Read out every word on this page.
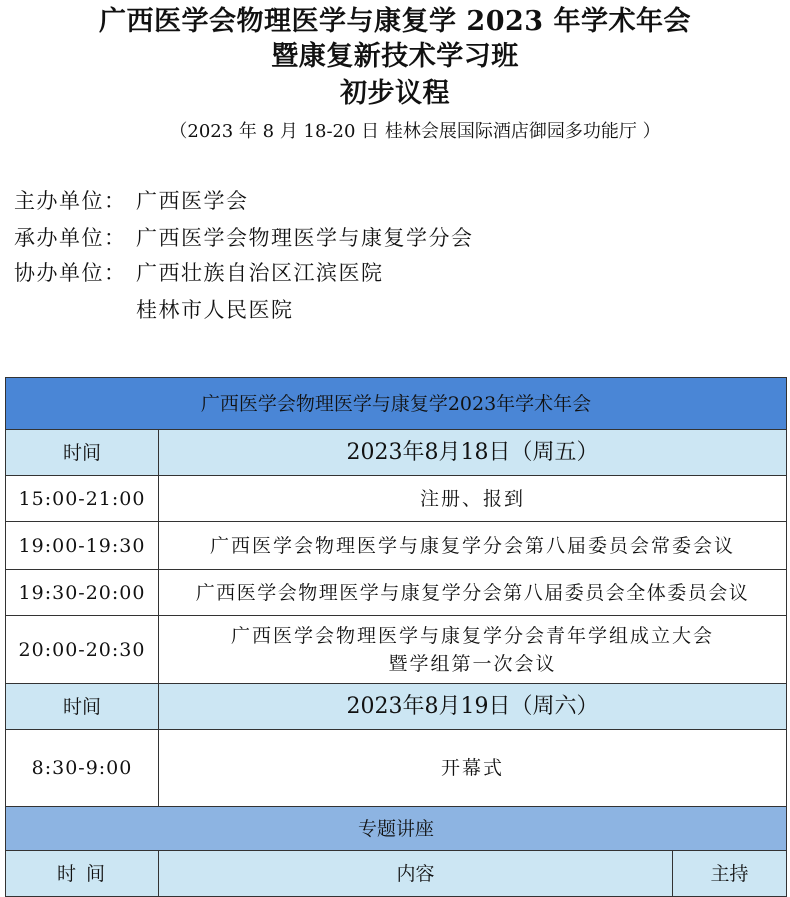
广西医学会物理医学与康复学 2023 年学术年会
暨康复新技术学习班
初步议程
（2023 年 8 月 18-20 日 桂林会展国际酒店御园多功能厅 ）
主办单位： 广西医学会
承办单位： 广西医学会物理医学与康复学分会
协办单位： 广西壮族自治区江滨医院
桂林市人民医院
广西医学会物理医学与康复学2023年学术年会		
时间	2023年8月18日（周五）	
15:00-21:00	注册、报到	
19:00-19:30	广西医学会物理医学与康复学分会第八届委员会常委会议	
19:30-20:00	广西医学会物理医学与康复学分会第八届委员会全体委员会议	
20:00-20:30	广西医学会物理医学与康复学分会青年学组成立大会
暨学组第一次会议	

时间	2023年8月19日（周六）	
8:30-9:00	开幕式	
专题讲座		
时 间	内容	主持
